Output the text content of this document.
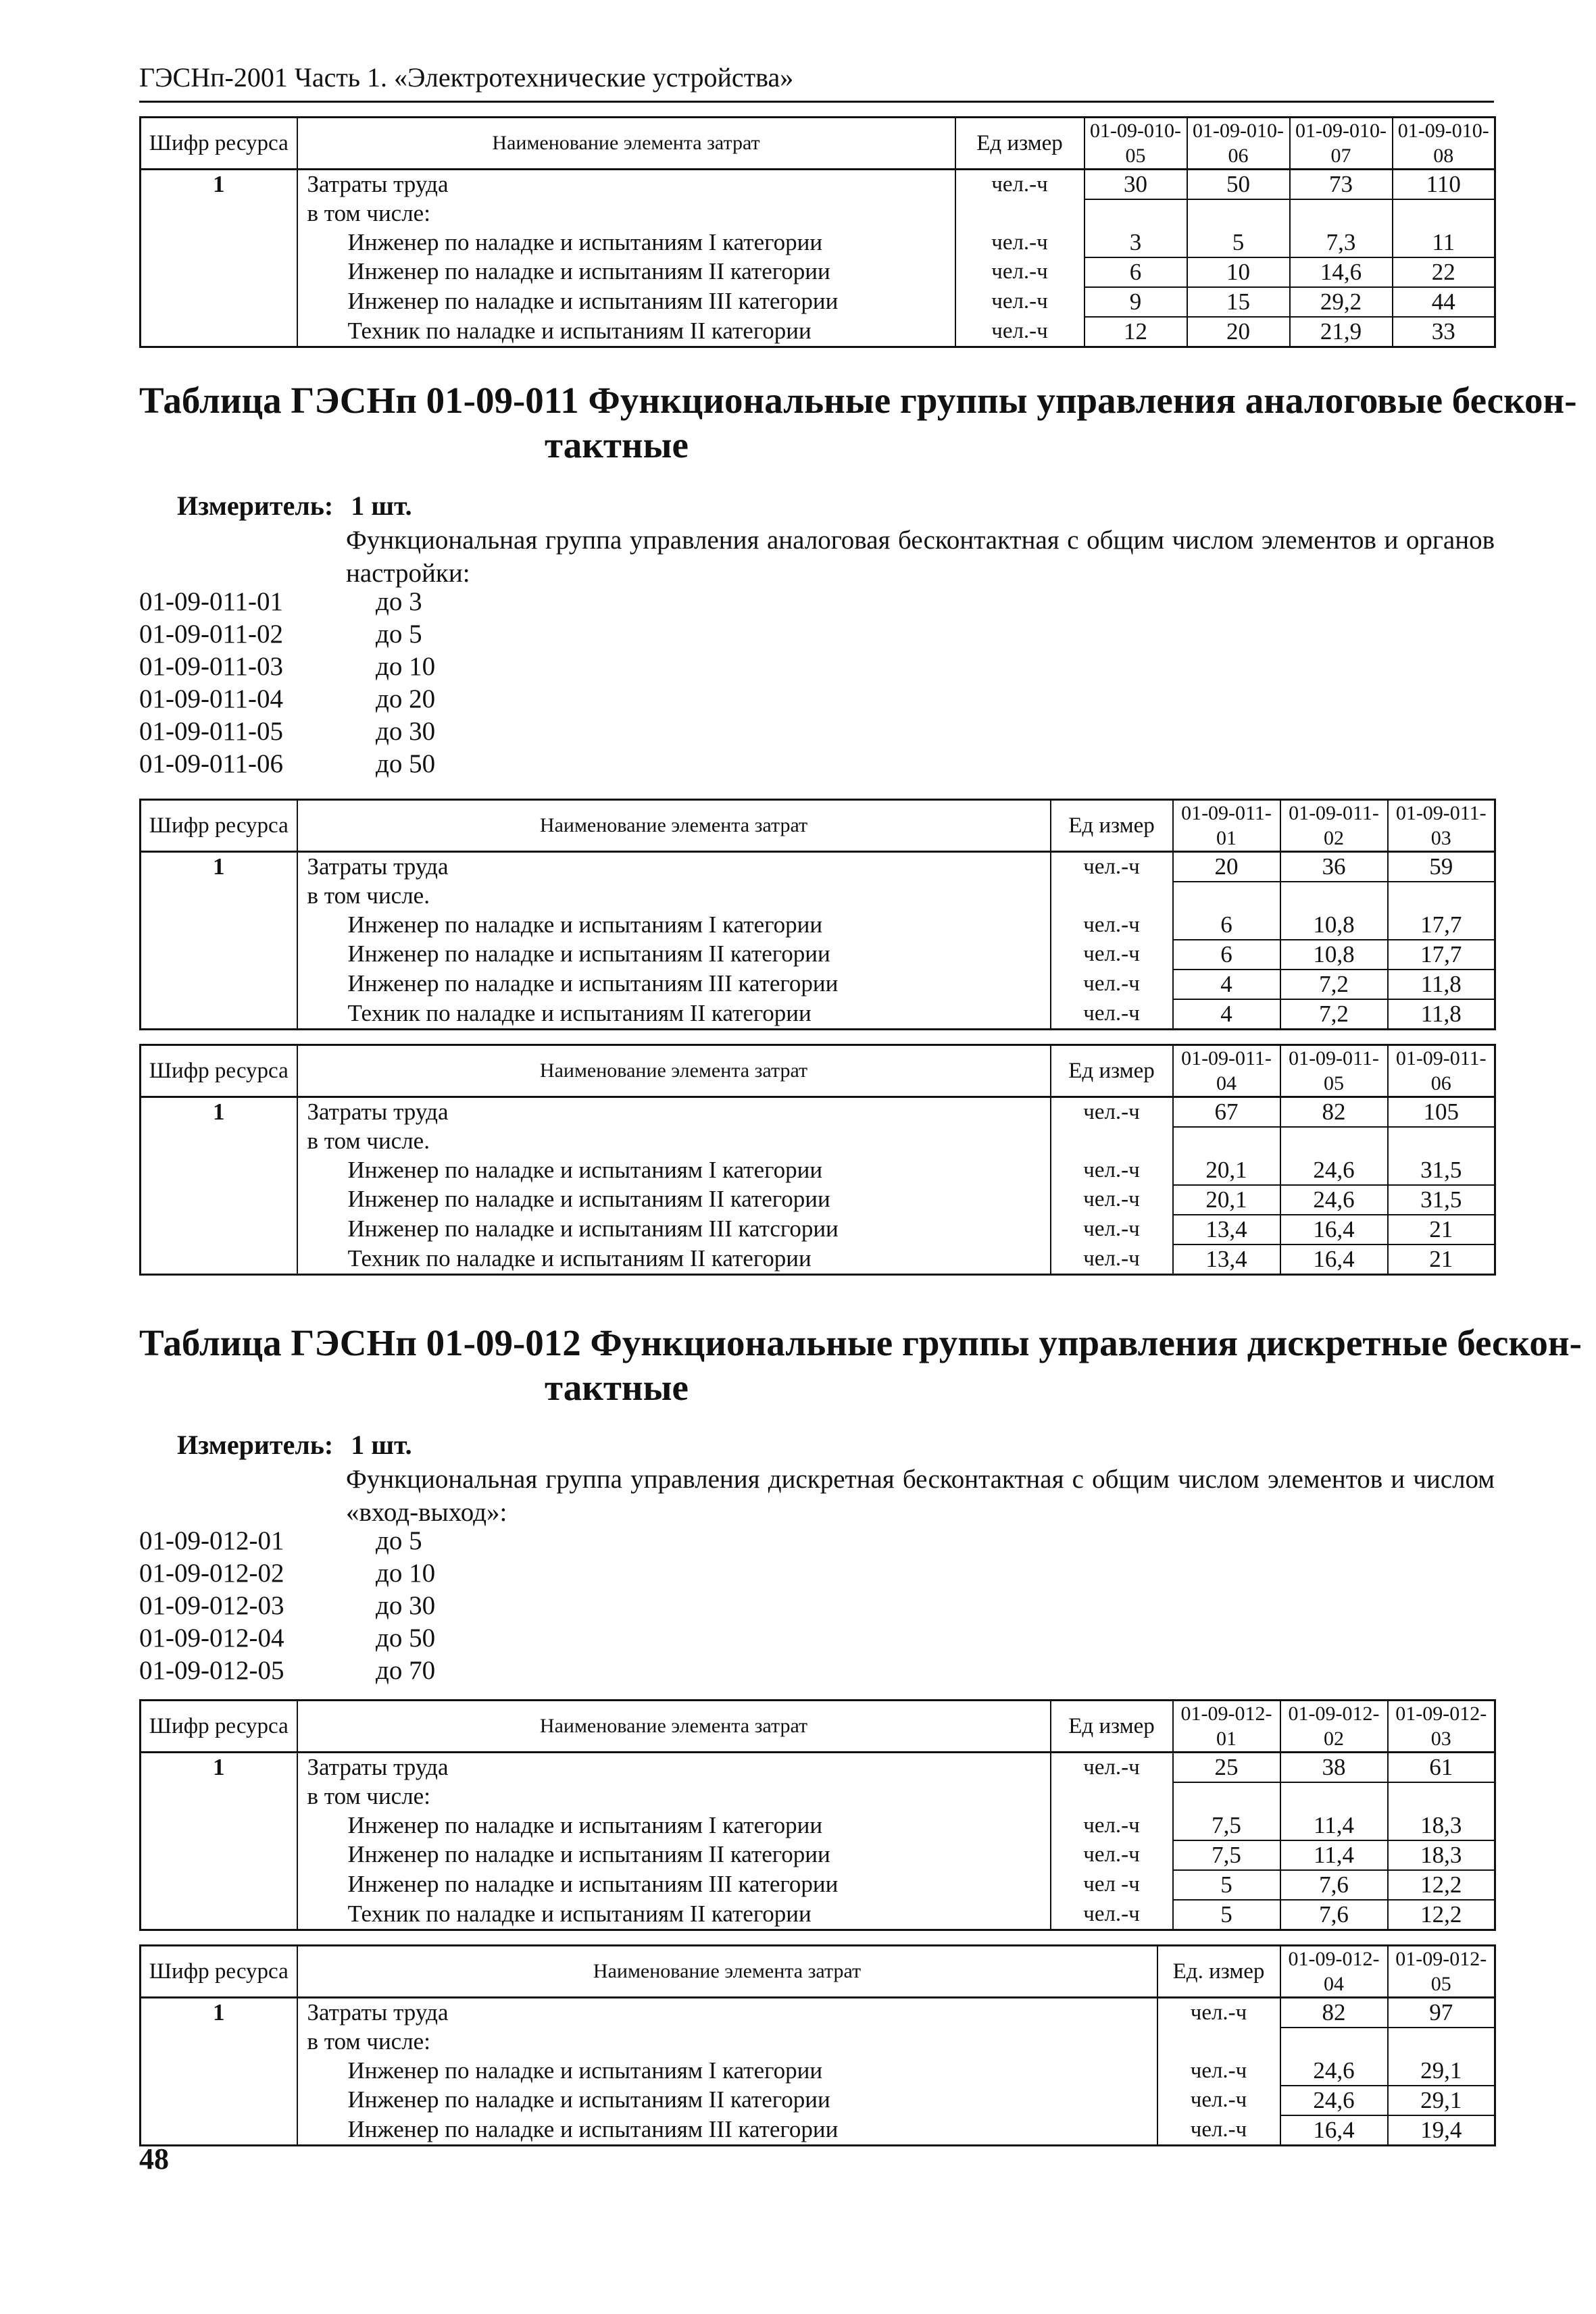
ГЭСНп-2001 Часть 1. «Электротехнические устройства»
Шифр ресурса	Наименование элемента затрат	Ед измер	01-09-010-05	01-09-010-06	01-09-010-07	01-09-010-08
1	Затраты труда	чел.-ч	30	50	73	110
	в том числе:					
	Инженер по наладке и испытаниям I категории	чел.-ч	3	5	7,3	11
	Инженер по наладке и испытаниям II категории	чел.-ч	6	10	14,6	22
	Инженер по наладке и испытаниям III категории	чел.-ч	9	15	29,2	44
	Техник по наладке и испытаниям II категории	чел.-ч	12	20	21,9	33
Таблица ГЭСНп 01-09-011 Функциональные группы управления аналоговые бескон-
тактные
Измеритель: 1 шт.
Функциональная группа управления аналоговая бесконтактная с общим числом элементов и органов настройки:
01-09-011-01	до 3
01-09-011-02	до 5
01-09-011-03	до 10
01-09-011-04	до 20
01-09-011-05	до 30
01-09-011-06	до 50
Шифр ресурса	Наименование элемента затрат	Ед измер	01-09-011-01	01-09-011-02	01-09-011-03
1	Затраты труда	чел.-ч	20	36	59
	в том числе.				
	Инженер по наладке и испытаниям I категории	чел.-ч	6	10,8	17,7
	Инженер по наладке и испытаниям II категории	чел.-ч	6	10,8	17,7
	Инженер по наладке и испытаниям III категории	чел.-ч	4	7,2	11,8
	Техник по наладке и испытаниям II категории	чел.-ч	4	7,2	11,8
Шифр ресурса	Наименование элемента затрат	Ед измер	01-09-011-04	01-09-011-05	01-09-011-06
1	Затраты труда	чел.-ч	67	82	105
	в том числе.				
	Инженер по наладке и испытаниям I категории	чел.-ч	20,1	24,6	31,5
	Инженер по наладке и испытаниям II категории	чел.-ч	20,1	24,6	31,5
	Инженер по наладке и испытаниям III катсгории	чел.-ч	13,4	16,4	21
	Техник по наладке и испытаниям II категории	чел.-ч	13,4	16,4	21
Таблица ГЭСНп 01-09-012 Функциональные группы управления дискретные бескон-
тактные
Измеритель: 1 шт.
Функциональная группа управления дискретная бесконтактная с общим числом элементов и числом «вход-выход»:
01-09-012-01	до 5
01-09-012-02	до 10
01-09-012-03	до 30
01-09-012-04	до 50
01-09-012-05	до 70
Шифр ресурса	Наименование элемента затрат	Ед измер	01-09-012-01	01-09-012-02	01-09-012-03
1	Затраты труда	чел.-ч	25	38	61
	в том числе:				
	Инженер по наладке и испытаниям I категории	чел.-ч	7,5	11,4	18,3
	Инженер по наладке и испытаниям II категории	чел.-ч	7,5	11,4	18,3
	Инженер по наладке и испытаниям III категории	чел -ч	5	7,6	12,2
	Техник по наладке и испытаниям II категории	чел.-ч	5	7,6	12,2
Шифр ресурса	Наименование элемента затрат	Ед. измер	01-09-012-04	01-09-012-05
1	Затраты труда	чел.-ч	82	97
	в том числе:			
	Инженер по наладке и испытаниям I категории	чел.-ч	24,6	29,1
	Инженер по наладке и испытаниям II категории	чел.-ч	24,6	29,1
	Инженер по наладке и испытаниям III категории	чел.-ч	16,4	19,4
48
